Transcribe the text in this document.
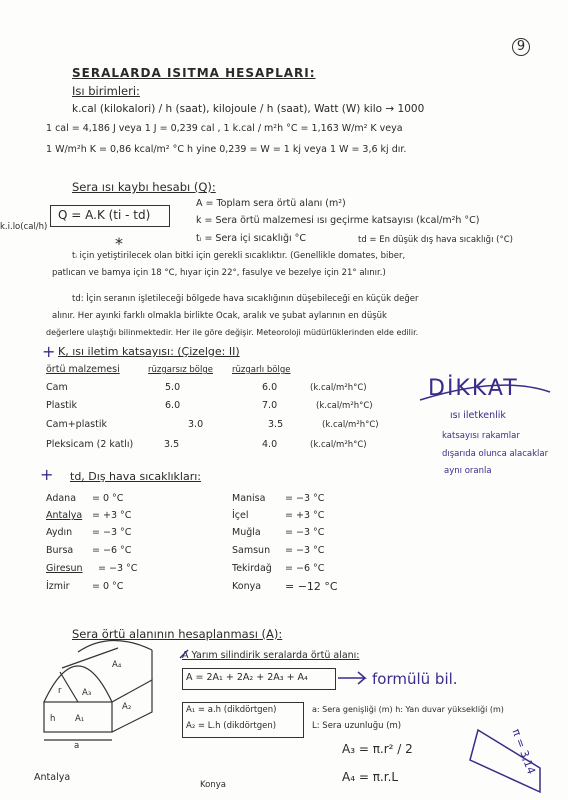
9
SERALARDA ISITMA HESAPLARI:
Isı birimleri:
k.cal (kilokalori) / h (saat), kilojoule / h (saat), Watt (W) kilo → 1000
1 cal = 4,186 J veya 1 J = 0,239 cal , 1 k.cal / m²h °C = 1,163 W/m² K veya
1 W/m²h K = 0,86 kcal/m² °C h yine 0,239 = W = 1 kj veya 1 W = 3,6 kj dır.
Sera ısı kaybı hesabı (Q):
Q = A.K (ti - td)
k.i.lo(cal/h)
*
A = Toplam sera örtü alanı (m²)
k = Sera örtü malzemesi ısı geçirme katsayısı (kcal/m²h °C)
tᵢ = Sera içi sıcaklığı °C	td = En düşük dış hava sıcaklığı (°C)
tᵢ için yetiştirilecek olan bitki için gerekli sıcaklıktır. (Genellikle domates, biber,
patlıcan ve bamya için 18 °C, hıyar için 22°, fasulye ve bezelye için 21° alınır.)
td: İçin seranın işletileceği bölgede hava sıcaklığının düşebileceği en küçük değer
alınır. Her ayınki farklı olmakla birlikte Ocak, aralık ve şubat aylarının en düşük
değerlere ulaştığı bilinmektedir. Her ile göre değişir. Meteoroloji müdürlüklerinden elde edilir.
+ K, ısı iletim katsayısı: (Çizelge: II)
örtü malzemesi	rüzgarsız bölge rüzgarlı bölge
Cam	5.0	6.0	(k.cal/m²h°C)
Plastik	6.0	7.0	(k.cal/m²h°C)
Cam+plastik	3.0	3.5	(k.cal/m²h°C)
Pleksicam (2 katlı)	3.5	4.0	(k.cal/m²h°C)
DİKKAT
ısı iletkenlik
katsayısı rakamlar
dışarıda olunca alacaklar
aynı oranla
+ td, Dış hava sıcaklıkları:
Adana = 0 °C
Antalya = +3 °C
Aydın = −3 °C
Bursa = −6 °C
Giresun = −3 °C
İzmir = 0 °C
Manisa = −3 °C
İçel	= +3 °C
Muğla	= −3 °C
Samsun = −3 °C
Tekirdağ = −6 °C
Konya = −12 °C
Sera örtü alanının hesaplanması (A):
A Yarım silindirik seralarda örtü alanı:
A = 2A₁ + 2A₂ + 2A₃ + A₄	formülü bil.
A₁ = a.h (dikdörtgen)
A₂ = L.h (dikdörtgen)
a: Sera genişliği (m) h: Yan duvar yüksekliği (m)
L: Sera uzunluğu (m)
A₃ = π.r² / 2
A₄ = π.r.L
π = 3,14
A₁
A₂
A₃
A₄
r
h
a
Antalya
Konya
